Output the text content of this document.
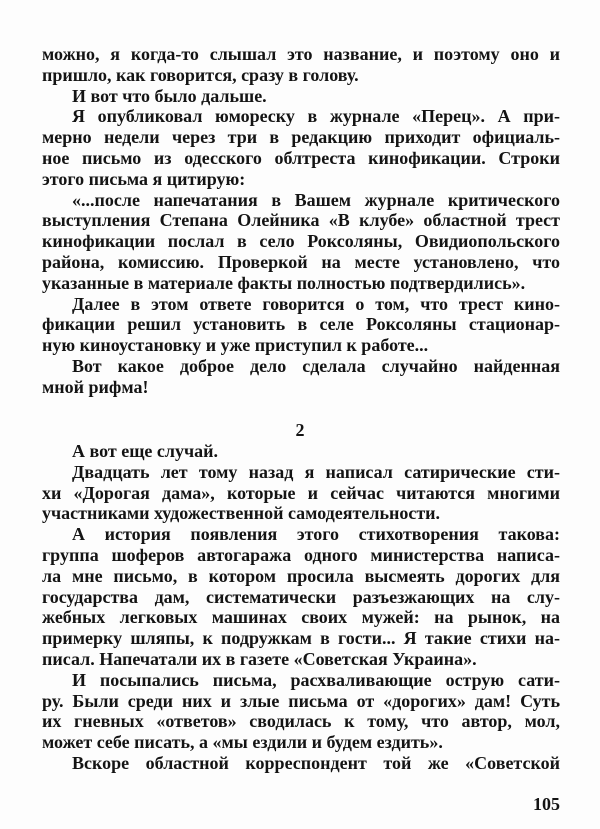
можно, я когда-то слышал это название, и поэтому оно и
пришло, как говорится, сразу в голову.
И вот что было дальше.
Я опубликовал юмореску в журнале «Перец». А при-
мерно недели через три в редакцию приходит официаль-
ное письмо из одесского облтреста кинофикации. Строки
этого письма я цитирую:
«...после напечатания в Вашем журнале критического
выступления Степана Олейника «В клубе» областной трест
кинофикации послал в село Роксоляны, Овидиопольского
района, комиссию. Проверкой на месте установлено, что
указанные в материале факты полностью подтвердились».
Далее в этом ответе говорится о том, что трест кино-
фикации решил установить в селе Роксоляны стационар-
ную киноустановку и уже приступил к работе...
Вот какое доброе дело сделала случайно найденная
мной рифма!
2
А вот еще случай.
Двадцать лет тому назад я написал сатирические сти-
хи «Дорогая дама», которые и сейчас читаются многими
участниками художественной самодеятельности.
А история появления этого стихотворения такова:
группа шоферов автогаража одного министерства написа-
ла мне письмо, в котором просила высмеять дорогих для
государства дам, систематически разъезжающих на слу-
жебных легковых машинах своих мужей: на рынок, на
примерку шляпы, к подружкам в гости... Я такие стихи на-
писал. Напечатали их в газете «Советская Украина».
И посыпались письма, расхваливающие острую сати-
ру. Были среди них и злые письма от «дорогих» дам! Суть
их гневных «ответов» сводилась к тому, что автор, мол,
может себе писать, а «мы ездили и будем ездить».
Вскоре областной корреспондент той же «Советской
105
